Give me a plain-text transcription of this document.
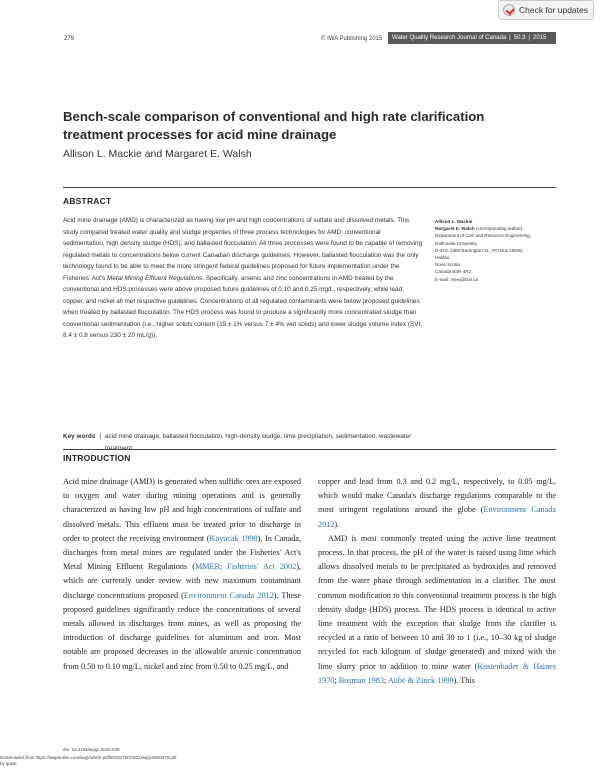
Check for updates
279	© IWA Publishing 2015 Water Quality Research Journal of Canada | 50.3 | 2015
Bench-scale comparison of conventional and high rate clarification treatment processes for acid mine drainage
Allison L. Mackie and Margaret E. Walsh
ABSTRACT

Acid mine drainage (AMD) is characterized as having low pH and high concentrations of sulfate and dissolved metals. This study compared treated water quality and sludge properties of three process technologies for AMD: conventional sedimentation, high density sludge (HDS), and ballasted flocculation. All three processes were found to be capable of removing regulated metals to concentrations below current Canadian discharge guidelines. However, ballasted flocculation was the only technology found to be able to meet the more stringent federal guidelines proposed for future implementation under the Fisheries' Act's Metal Mining Effluent Regulations. Specifically, arsenic and zinc concentrations in AMD treated by the conventional and HDS processes were above proposed future guidelines of 0.10 and 0.25 mg/L, respectively, while lead, copper, and nickel all met respective guidelines. Concentrations of all regulated contaminants were below proposed guidelines when treated by ballasted flocculation. The HDS process was found to produce a significantly more concentrated sludge than conventional sedimentation (i.e., higher solids content (19 ± 1% versus 7 ± 4% wet solids) and lower sludge volume index (SVI; 8.4 ± 0.8 versus 230 ± 20 mL/g)).

Key words | acid mine drainage, ballasted flocculation, high-density sludge, lime precipitation, sedimentation, wastewater treatment
Allison L. Mackie
Margaret E. Walsh (corresponding author)
Department of Civil and Resource Engineering,
Dalhousie University,
D-215, 1360 Barrington St., PO Box 15000,
Halifax,
Nova Scotia,
Canada B3H 4R2
E-mail: mew@Dal.ca
INTRODUCTION

Acid mine drainage (AMD) is generated when sulfidic ores are exposed to oxygen and water during mining operations and is generally characterized as having low pH and high concentrations of sulfate and dissolved metals. This effluent must be treated prior to discharge in order to protect the receiving environment (Kayucak 1998). In Canada, discharges from metal mines are regulated under the Fisheries' Act's Metal Mining Effluent Regulations (MMER; Fisheries' Act 2002), which are currently under review with new maximum contaminant discharge concentrations proposed (Environment Canada 2012). These proposed guidelines significantly reduce the concentrations of several metals allowed in discharges from mines, as well as proposing the introduction of discharge guidelines for aluminum and iron. Most notable are proposed decreases in the allowable arsenic concentration from 0.50 to 0.10 mg/L, nickel and zinc from 0.50 to 0.25 mg/L, and

copper and lead from 0.3 and 0.2 mg/L, respectively, to 0.05 mg/L, which would make Canada's discharge regulations comparable to the most stringent regulations around the globe (Environment Canada 2012).

AMD is most commonly treated using the active lime treatment process. In that process, the pH of the water is raised using lime which allows dissolved metals to be precipitated as hydroxides and removed from the water phase through sedimentation in a clarifier. The most common modification to this conventional treatment process is the high density sludge (HDS) process. The HDS process is identical to active lime treatment with the exception that sludge from the clarifier is recycled at a ratio of between 10 and 30 to 1 (i.e., 10–30 kg of sludge recycled for each kilogram of sludge generated) and mixed with the lime slurry prior to addition to mine water (Kostenbader & Haines 1970; Bosman 1983; Aubé & Zinck 1999). This

doi: 10.2166/wqrjc.2015.048
Downloaded from https://iwaponline.com/wqrj/article-pdf/50/3/279/37822/wqrjc0500279.pdf
by guest
